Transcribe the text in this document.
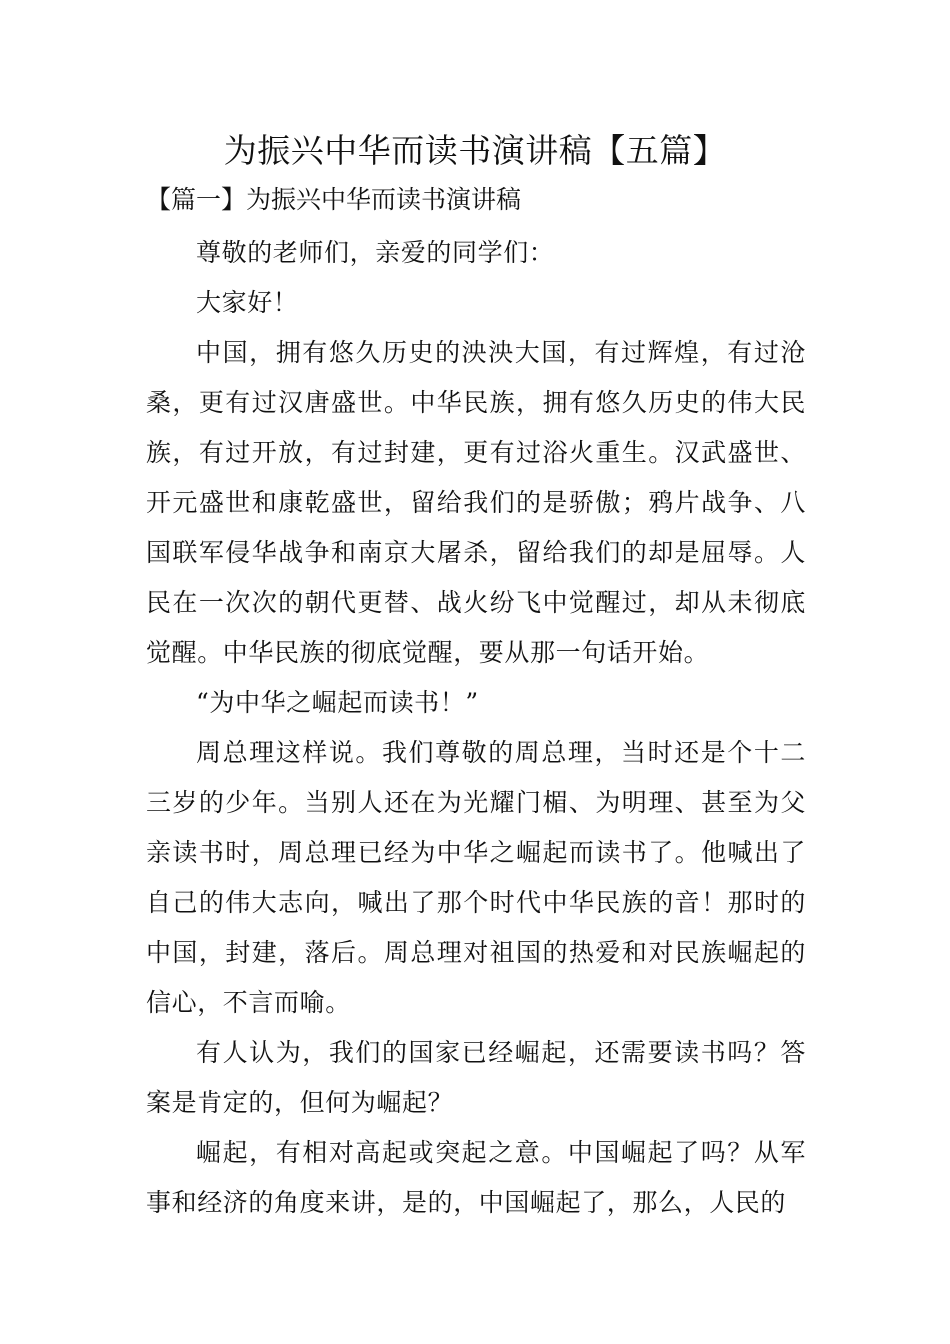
为振兴中华而读书演讲稿【五篇】
【篇一】为振兴中华而读书演讲稿

尊敬的老师们，亲爱的同学们：

大家好！

中国，拥有悠久历史的泱泱大国，有过辉煌，有过沧桑，更有过汉唐盛世。中华民族，拥有悠久历史的伟大民族，有过开放，有过封建，更有过浴火重生。汉武盛世、开元盛世和康乾盛世，留给我们的是骄傲；鸦片战争、八国联军侵华战争和南京大屠杀，留给我们的却是屈辱。人民在一次次的朝代更替、战火纷飞中觉醒过，却从未彻底觉醒。中华民族的彻底觉醒，要从那一句话开始。

“为中华之崛起而读书！”

周总理这样说。我们尊敬的周总理，当时还是个十二三岁的少年。当别人还在为光耀门楣、为明理、甚至为父亲读书时，周总理已经为中华之崛起而读书了。他喊出了自己的伟大志向，喊出了那个时代中华民族的音！那时的中国，封建，落后。周总理对祖国的热爱和对民族崛起的信心，不言而喻。

有人认为，我们的国家已经崛起，还需要读书吗？答案是肯定的，但何为崛起？

崛起，有相对高起或突起之意。中国崛起了吗？从军事和经济的角度来讲，是的，中国崛起了，那么，人民的
